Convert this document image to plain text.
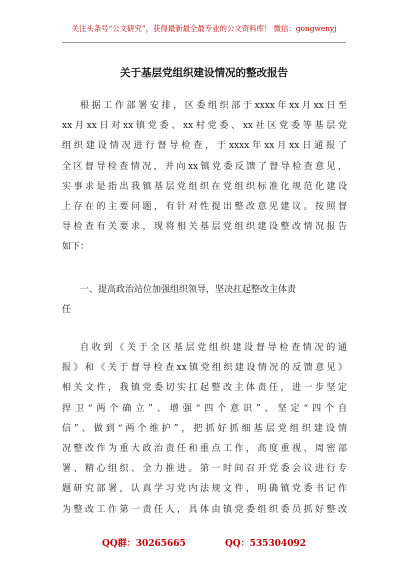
关注头条号“公文研究”，获得最新最全最专业的公文资料库！ 微信：gongwenyj
关于基层党组织建设情况的整改报告
根据工作部署安排，区委组织部于xxxx年xx月xx日至
xx月xx日对xx镇党委、xx村党委、xx社区党委等基层党
组织建设情况进行督导检查，于xxxx年xx月xx日通报了
全区督导检查情况，并向xx镇党委反馈了督导检查意见，
实事求是指出我镇基层党组织在党组织标准化规范化建设
上存在的主要问题，有针对性提出整改意见建议。按照督
导检查有关要求，现将相关基层党组织建设整改情况报告
如下：
一、提高政治站位加强组织领导，坚决扛起整改主体责
任
自收到《关于全区基层党组织建设督导检查情况的通
报》和《关于督导检查xx镇党组织建设情况的反馈意见》
相关文件，我镇党委切实扛起整改主体责任，进一步坚定
捍卫“两个确立”、增强“四个意识”、坚定“四个自
信”、做到“两个维护”，把抓好抓细基层党组织建设情
况整改作为重大政治责任和重点工作，高度重视、周密部
署、精心组织、全力推进。第一时间召开党委会议进行专
题研究部署，认真学习党内法规文件，明确镇党委书记作
为整改工作第一责任人，具体由镇党委组织委员抓好整改
QQ群：30265665	QQ：535304092
